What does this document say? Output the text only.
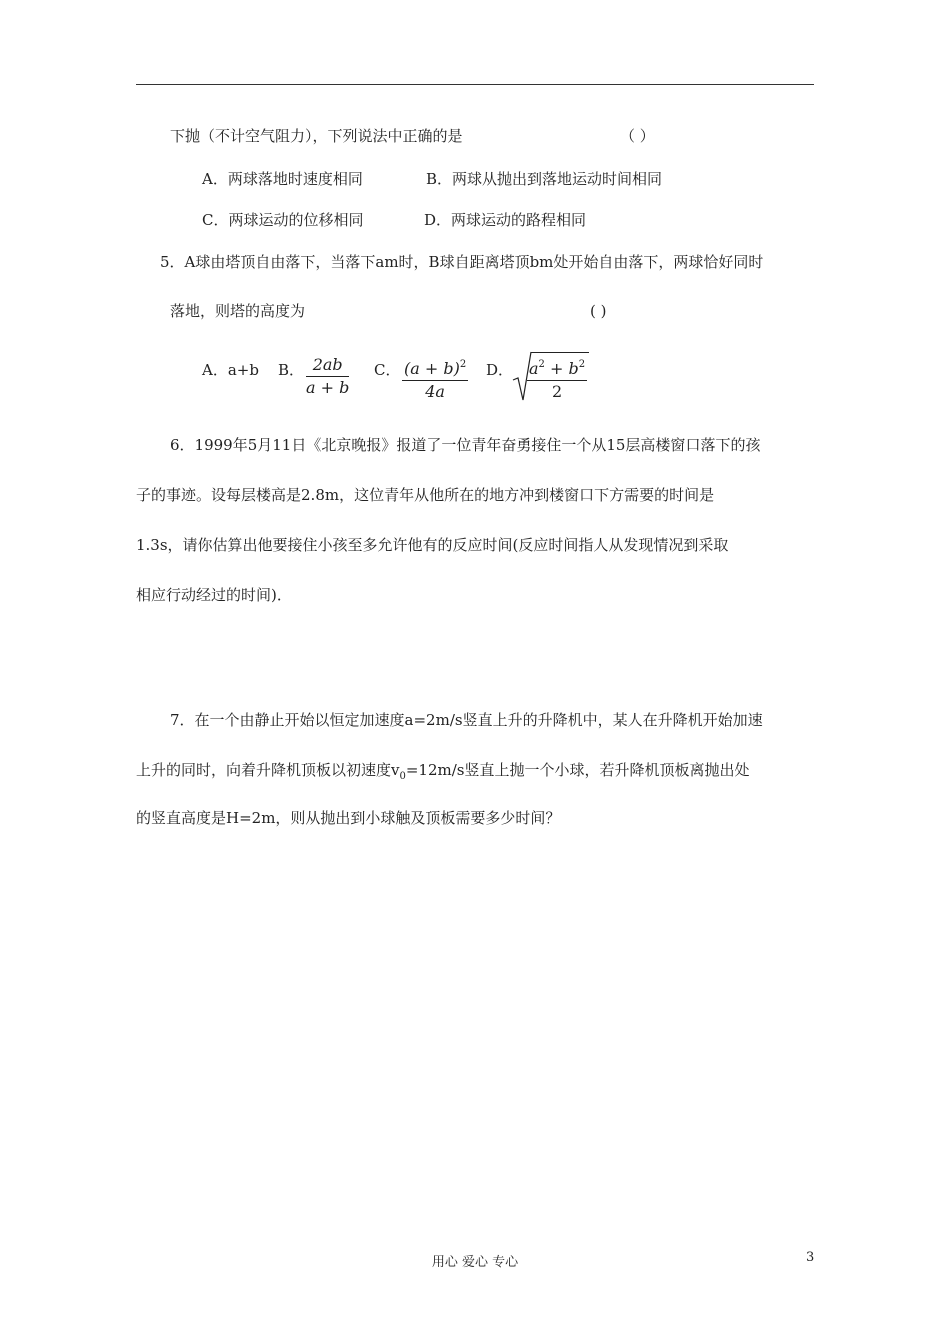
下抛（不计空气阻力），下列说法中正确的是	（ ）
A．两球落地时速度相同	B．两球从抛出到落地运动时间相同
C．两球运动的位移相同	D．两球运动的路程相同
5．A球由塔顶自由落下，当落下am时，B球自距离塔顶bm处开始自由落下，两球恰好同时
落地，则塔的高度为	( )
A．a+b B． 2ab
a + b
C． $(a + b)^2$
4a
D． $a^2 + b^2$
2
6．1999年5月11日《北京晚报》报道了一位青年奋勇接住一个从15层高楼窗口落下的孩
子的事迹。设每层楼高是2.8m，这位青年从他所在的地方冲到楼窗口下方需要的时间是
1.3s，请你估算出他要接住小孩至多允许他有的反应时间(反应时间指人从发现情况到采取
相应行动经过的时间)．
7．在一个由静止开始以恒定加速度a=2m/s竖直上升的升降机中，某人在升降机开始加速
上升的同时，向着升降机顶板以初速度$v_0=12m/s$竖直上抛一个小球，若升降机顶板离抛出处
的竖直高度是H=2m，则从抛出到小球触及顶板需要多少时间？
用心 爱心 专心	3
